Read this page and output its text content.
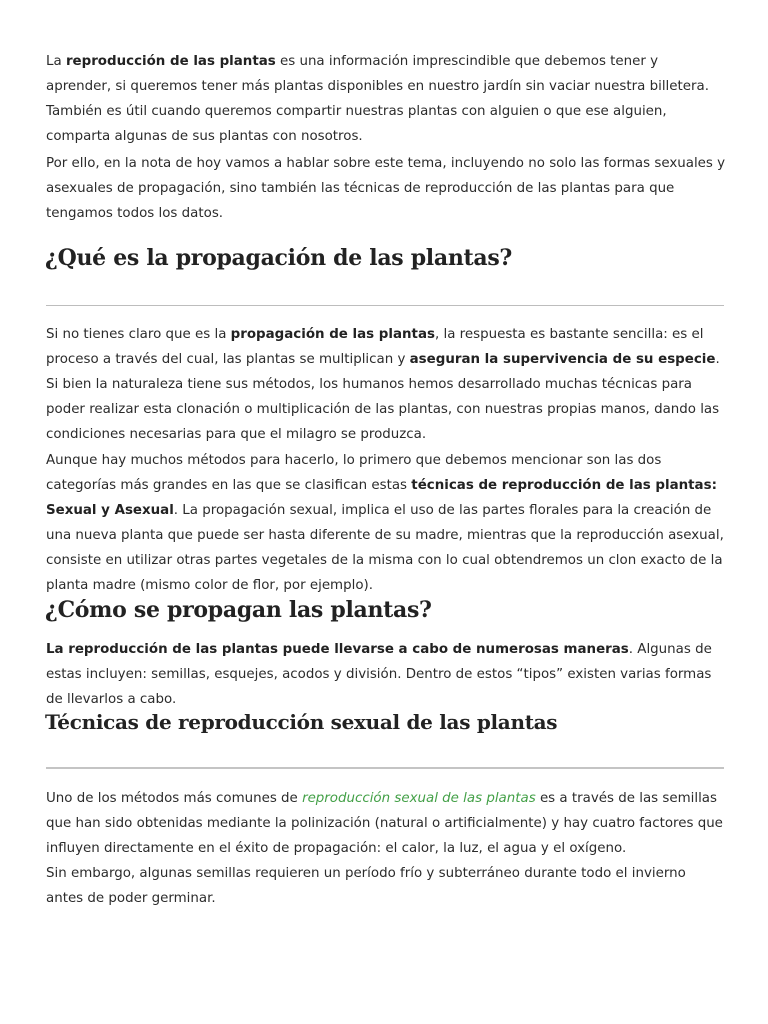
La reproducción de las plantas es una información imprescindible que debemos tener y aprender, si queremos tener más plantas disponibles en nuestro jardín sin vaciar nuestra billetera. También es útil cuando queremos compartir nuestras plantas con alguien o que ese alguien, comparta algunas de sus plantas con nosotros.

Por ello, en la nota de hoy vamos a hablar sobre este tema, incluyendo no solo las formas sexuales y asexuales de propagación, sino también las técnicas de reproducción de las plantas para que tengamos todos los datos.

¿Qué es la propagación de las plantas?

Si no tienes claro que es la propagación de las plantas, la respuesta es bastante sencilla: es el proceso a través del cual, las plantas se multiplican y aseguran la supervivencia de su especie. Si bien la naturaleza tiene sus métodos, los humanos hemos desarrollado muchas técnicas para poder realizar esta clonación o multiplicación de las plantas, con nuestras propias manos, dando las condiciones necesarias para que el milagro se produzca.

Aunque hay muchos métodos para hacerlo, lo primero que debemos mencionar son las dos categorías más grandes en las que se clasifican estas técnicas de reproducción de las plantas: Sexual y Asexual. La propagación sexual, implica el uso de las partes florales para la creación de una nueva planta que puede ser hasta diferente de su madre, mientras que la reproducción asexual, consiste en utilizar otras partes vegetales de la misma con lo cual obtendremos un clon exacto de la planta madre (mismo color de flor, por ejemplo).

¿Cómo se propagan las plantas?

La reproducción de las plantas puede llevarse a cabo de numerosas maneras. Algunas de estas incluyen: semillas, esquejes, acodos y división. Dentro de estos “tipos” existen varias formas de llevarlos a cabo.

Técnicas de reproducción sexual de las plantas

Uno de los métodos más comunes de reproducción sexual de las plantas es a través de las semillas que han sido obtenidas mediante la polinización (natural o artificialmente) y hay cuatro factores que influyen directamente en el éxito de propagación: el calor, la luz, el agua y el oxígeno.

Sin embargo, algunas semillas requieren un período frío y subterráneo durante todo el invierno antes de poder germinar.
